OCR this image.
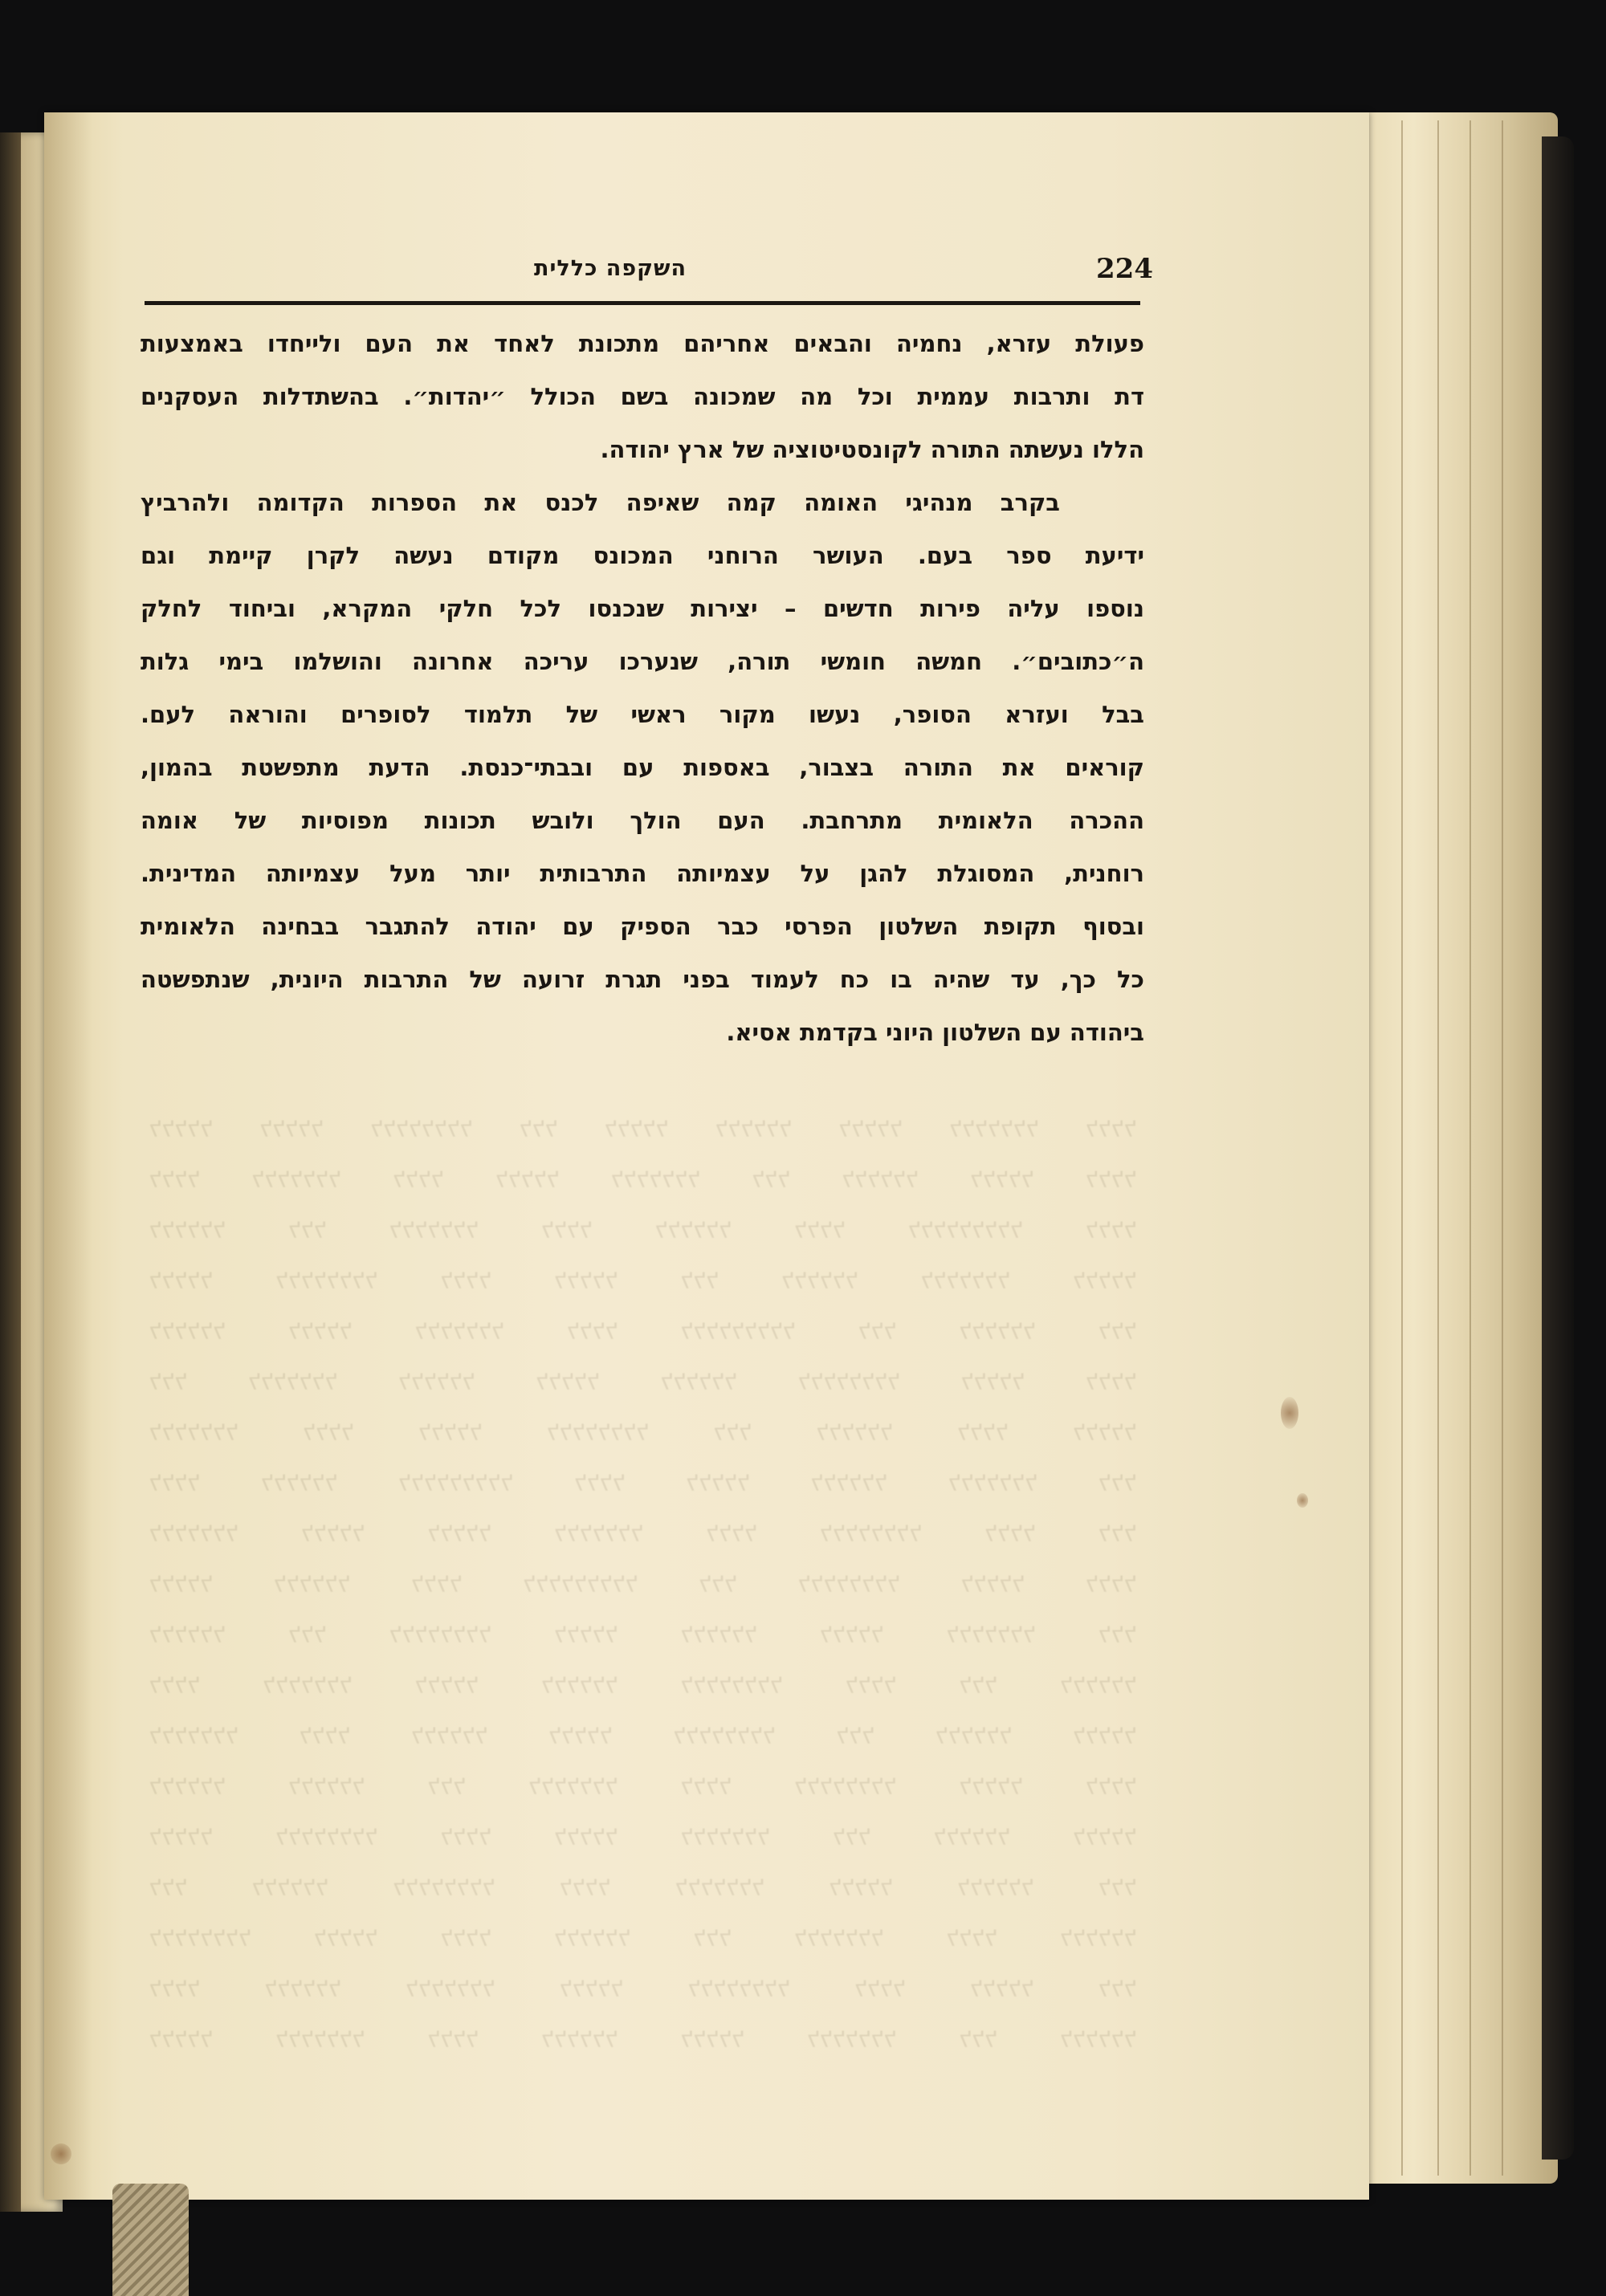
224
השקפה כללית
פעולת עזרא, נחמיה והבאים אחריהם מתכונת לאחד את העם ולייחדו באמצעות
דת ותרבות עממית וכל מה שמכונה בשם הכולל ״יהדות״. בהשתדלות העסקנים
הללו נעשתה התורה לקונסטיטוציה של ארץ יהודה.
בקרב מנהיגי האומה קמה שאיפה לכנס את הספרות הקדומה ולהרביץ
ידיעת ספר בעם. העושר הרוחני המכונס מקודם נעשה לקרן קיימת וגם
נוספו עליה פירות חדשים – יצירות שנכנסו לכל חלקי המקרא, וביחוד לחלק
ה״כתובים״. חמשה חומשי תורה, שנערכו עריכה אחרונה והושלמו בימי גלות
בבל ועזרא הסופר, נעשו מקור ראשי של תלמוד לסופרים והוראה לעם.
קוראים את התורה בצבור, באספות עם ובבתי־כנסת. הדעת מתפשטת בהמון,
ההכרה הלאומית מתרחבת. העם הולך ולובש תכונות מפוסיות של אומה
רוחנית, המסוגלת להגן על עצמיותה התרבותית יותר מעל עצמיותה המדינית.
ובסוף תקופת השלטון הפרסי כבר הספיק עם יהודה להתגבר בבחינה הלאומית
כל כך, עד שהיה בו כח לעמוד בפני תגרת זרועה של התרבות היונית, שנתפשטה
ביהודה עם השלטון היוני בקדמת אסיא.
ללללל ללללל לללללללל ללל ללללל לללללל ללללל ללללללל לללל
לללל ללללללל לללל ללללל ללללללל ללל לללללל ללללל לללל
לללללל ללל ללללללל לללל לללללל לללל ללללללללל לללל
ללללל לללללללל לללל ללללל ללל לללללל ללללללל ללללל
לללללל ללללל ללללללל לללל ללללללללל ללל לללללל ללל
ללל ללללללל לללללל ללללל לללללל לללללללל ללללל לללל
ללללללל לללל ללללל לללללללל ללל לללללל לללל ללללל
לללל לללללל ללללללללל לללל ללללל לללללל ללללללל ללל
ללללללל ללללל ללללל ללללללל לללל לללללללל לללל ללל
ללללל לללללל לללל ללללללללל ללל לללללללל ללללל לללל
לללללל ללל לללללללל ללללל לללללל ללללל ללללללל ללל
לללל ללללללל ללללל לללללל לללללללל לללל ללל לללללל
ללללללל לללל לללללל ללללל לללללללל ללל לללללל ללללל
לללללל לללללל ללל ללללללל לללל לללללללל ללללל לללל
ללללל לללללללל לללל ללללל ללללללל ללל לללללל ללללל
ללל לללללל לללללללל לללל ללללללל ללללל לללללל ללל
לללללללל ללללל לללל לללללל ללל ללללללל לללל לללללל
לללל לללללל ללללללל ללללל לללללללל לללל ללללל ללל
ללללל ללללללל לללל לללללל ללללל ללללללל ללל לללללל
